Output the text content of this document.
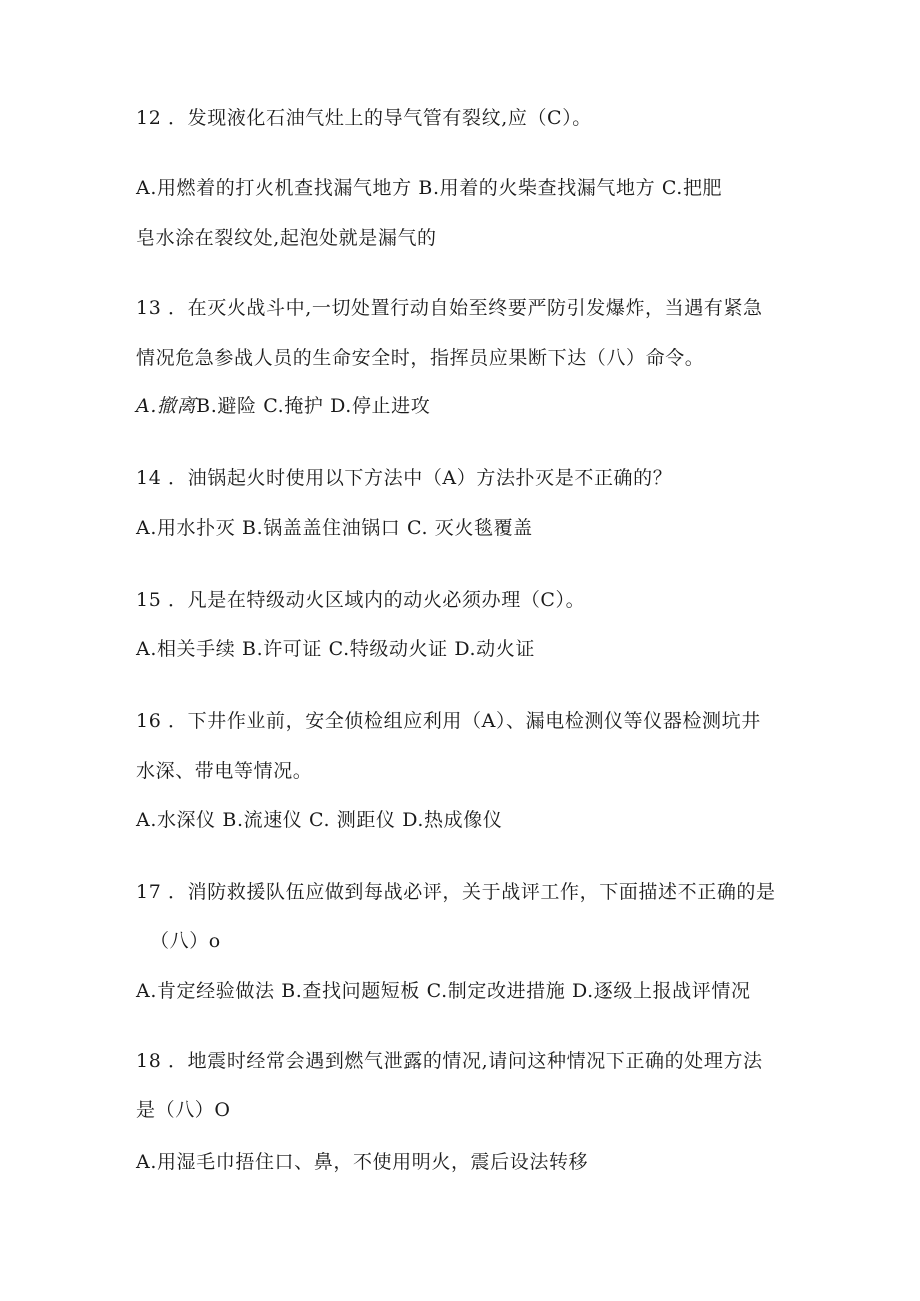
12 ．发现液化石油气灶上的导气管有裂纹,应（C）。
A.用燃着的打火机查找漏气地方 B.用着的火柴查找漏气地方 C.把肥
皂水涂在裂纹处,起泡处就是漏气的
13 ．在灭火战斗中,一切处置行动自始至终要严防引发爆炸，当遇有紧急
情况危急参战人员的生命安全时，指挥员应果断下达（八）命令。
A.撤离B.避险 C.掩护 D.停止进攻
14 ．油锅起火时使用以下方法中（A）方法扑灭是不正确的？
A.用水扑灭 B.锅盖盖住油锅口 C. 灭火毯覆盖
15 ．凡是在特级动火区域内的动火必须办理（C）。
A.相关手续 B.许可证 C.特级动火证 D.动火证
16 ．下井作业前，安全侦检组应利用（A）、漏电检测仪等仪器检测坑井
水深、带电等情况。
A.水深仪 B.流速仪 C. 测距仪 D.热成像仪
17 ．消防救援队伍应做到每战必评，关于战评工作，下面描述不正确的是
（八）o
A.肯定经验做法 B.查找问题短板 C.制定改进措施 D.逐级上报战评情况
18 ．地震时经常会遇到燃气泄露的情况,请问这种情况下正确的处理方法
是（八）O
A.用湿毛巾捂住口、鼻，不使用明火，震后设法转移
